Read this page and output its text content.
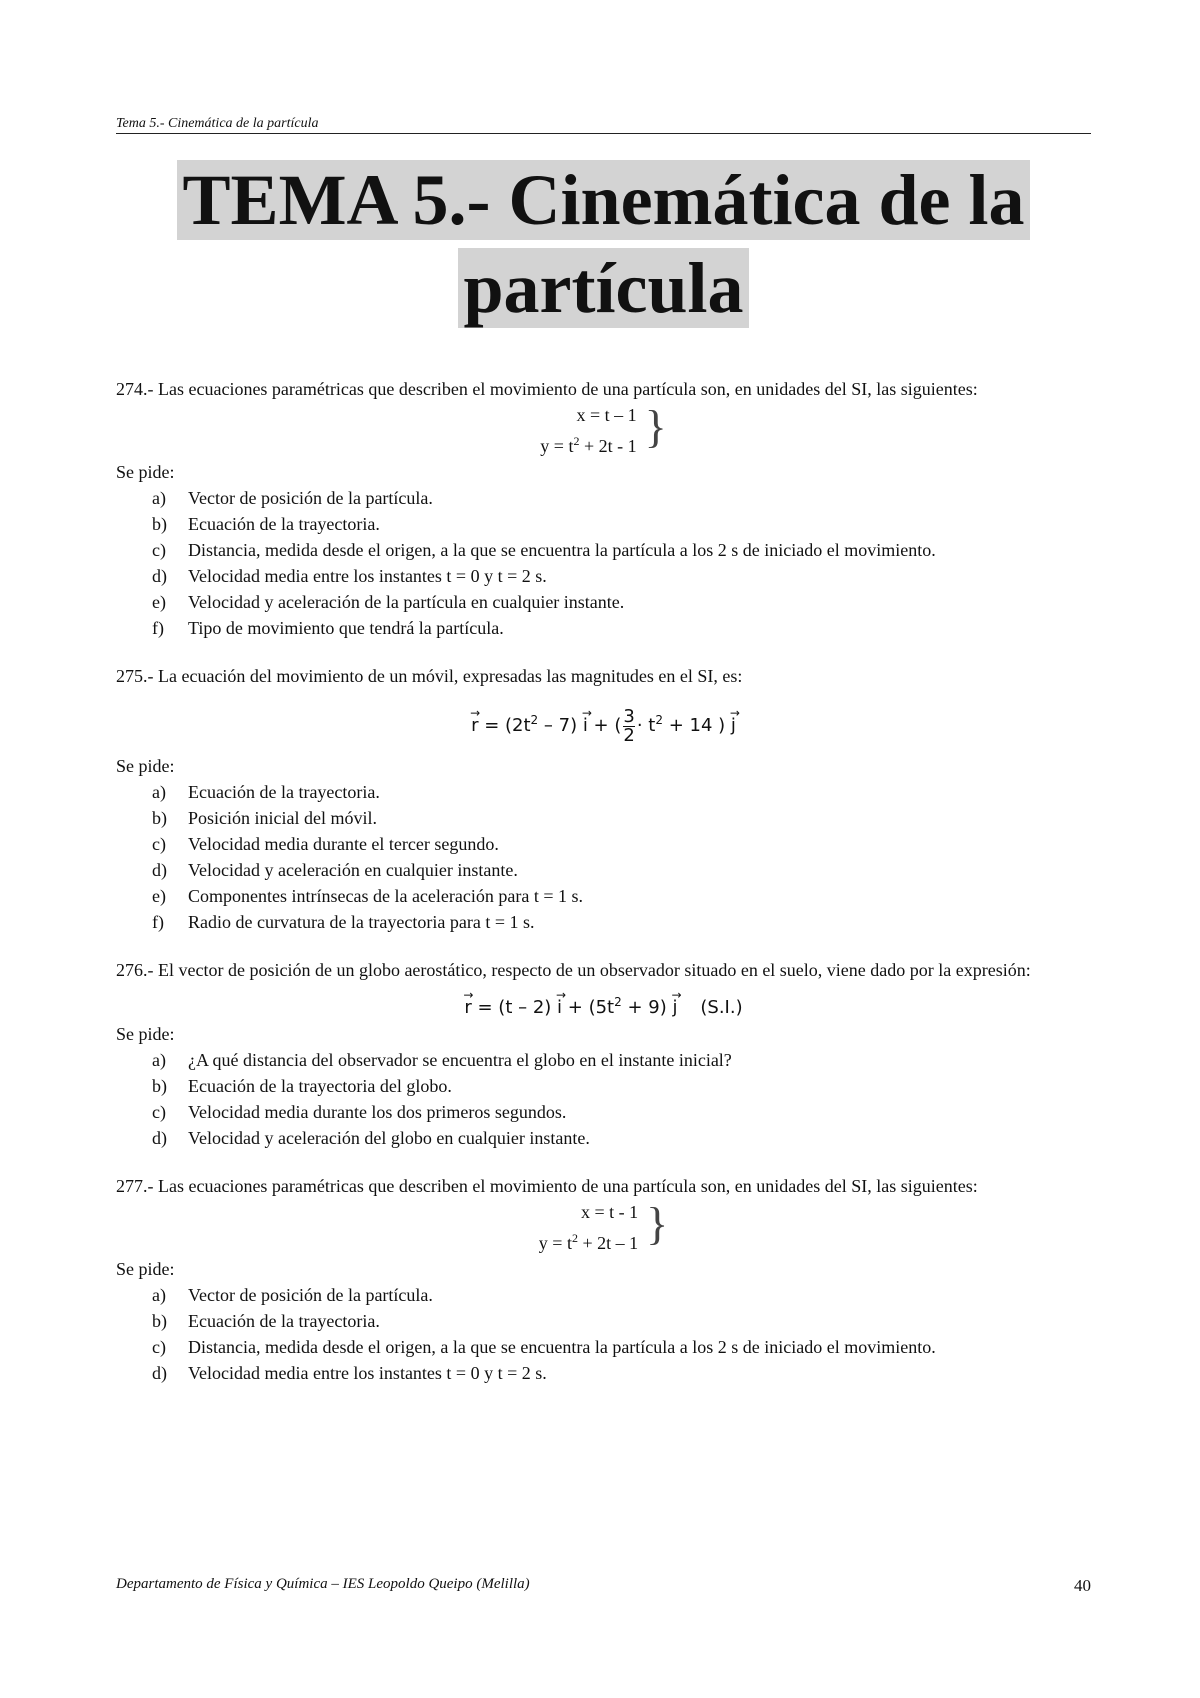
Tema 5.- Cinemática de la partícula
TEMA 5.- Cinemática de la
partícula
274.- Las ecuaciones paramétricas que describen el movimiento de una partícula son, en unidades del SI, las siguientes:
x = t – 1
$y = t^2 + 2t - 1$ }
Se pide:
a)	Vector de posición de la partícula.
b)	Ecuación de la trayectoria.
c)	Distancia, medida desde el origen, a la que se encuentra la partícula a los 2 s de iniciado el movimiento.
d)	Velocidad media entre los instantes t = 0 y t = 2 s.
e)	Velocidad y aceleración de la partícula en cualquier instante.
f)	Tipo de movimiento que tendrá la partícula.
275.- La ecuación del movimiento de un móvil, expresadas las magnitudes en el SI, es:
→ $r = (2t^2 - 7) \to i$ + ( $\frac{3}{2} \cdot t^2 + 14$ ) → j
Se pide:
a)	Ecuación de la trayectoria.
b)	Posición inicial del móvil.
c)	Velocidad media durante el tercer segundo.
d)	Velocidad y aceleración en cualquier instante.
e)	Componentes intrínsecas de la aceleración para t = 1 s.
f)	Radio de curvatura de la trayectoria para t = 1 s.
276.- El vector de posición de un globo aerostático, respecto de un observador situado en el suelo, viene dado por la expresión:
→ $r = (t - 2) \to i + (5t^2 + 9) \to j$    (S.I.)
Se pide:
a)	¿A qué distancia del observador se encuentra el globo en el instante inicial?
b)	Ecuación de la trayectoria del globo.
c)	Velocidad media durante los dos primeros segundos.
d)	Velocidad y aceleración del globo en cualquier instante.
277.- Las ecuaciones paramétricas que describen el movimiento de una partícula son, en unidades del SI, las siguientes:
x = t - 1
$y = t^2 + 2t - 1$ }
Se pide:
a)	Vector de posición de la partícula.
b)	Ecuación de la trayectoria.
c)	Distancia, medida desde el origen, a la que se encuentra la partícula a los 2 s de iniciado el movimiento.
d)	Velocidad media entre los instantes t = 0 y t = 2 s.
Departamento de Física y Química – IES Leopoldo Queipo (Melilla)	40
